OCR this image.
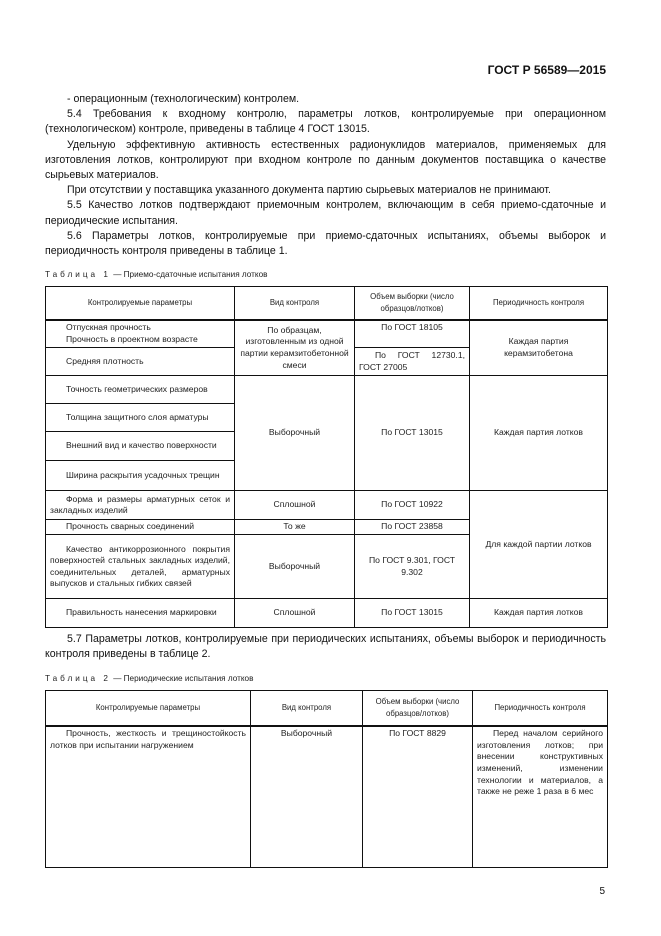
ГОСТ Р 56589—2015

- операционным (технологическим) контролем.

5.4 Требования к входному контролю, параметры лотков, контролируемые при операционном (технологическом) контроле, приведены в таблице 4 ГОСТ 13015.

Удельную эффективную активность естественных радионуклидов материалов, применяемых для изготовления лотков, контролируют при входном контроле по данным документов поставщика о качестве сырьевых материалов.

При отсутствии у поставщика указанного документа партию сырьевых материалов не принимают.

5.5 Качество лотков подтверждают приемочным контролем, включающим в себя приемо-сдаточные и периодические испытания.

5.6 Параметры лотков, контролируемые при приемо-сдаточных испытаниях, объемы выборок и периодичность контроля приведены в таблице 1.

Таблица 1 — Приемо-сдаточные испытания лотков
Контролируемые параметры	Вид контроля	Объем выборки (число образцов/лотков)	Периодичность контроля

Отпускная прочность
Прочность в проектном возрасте	По образцам, изготовленным из одной партии керамзитобетонной смеси	По ГОСТ 18105	Каждая партия керамзитобетона

Средняя плотность		По ГОСТ 12730.1, ГОСТ 27005	

Точность геометрических размеров	Выборочный	По ГОСТ 13015	Каждая партия лотков

Толщина защитного слоя арматуры			

Внешний вид и качество поверхности			

Ширина раскрытия усадочных трещин			

Форма и размеры арматурных сеток и закладных изделий	Сплошной	По ГОСТ 10922	Для каждой партии лотков

Прочность сварных соединений	То же	По ГОСТ 23858	

Качество антикоррозионного покрытия поверхностей стальных закладных изделий, соединительных деталей, арматурных выпусков и стальных гибких связей	Выборочный	По ГОСТ 9.301, ГОСТ 9.302	

Правильность нанесения маркировки	Сплошной	По ГОСТ 13015	Каждая партия лотков

5.7 Параметры лотков, контролируемые при периодических испытаниях, объемы выборок и периодичность контроля приведены в таблице 2.

Таблица 2 — Периодические испытания лотков
Контролируемые параметры	Вид контроля	Объем выборки (число образцов/лотков)	Периодичность контроля

Прочность, жесткость и трещиностойкость лотков при испытании нагружением	Выборочный	По ГОСТ 8829	Перед началом серийного изготовления лотков; при внесении конструктивных изменений, изменении технологии и материалов, а также не реже 1 раза в 6 мес
5
